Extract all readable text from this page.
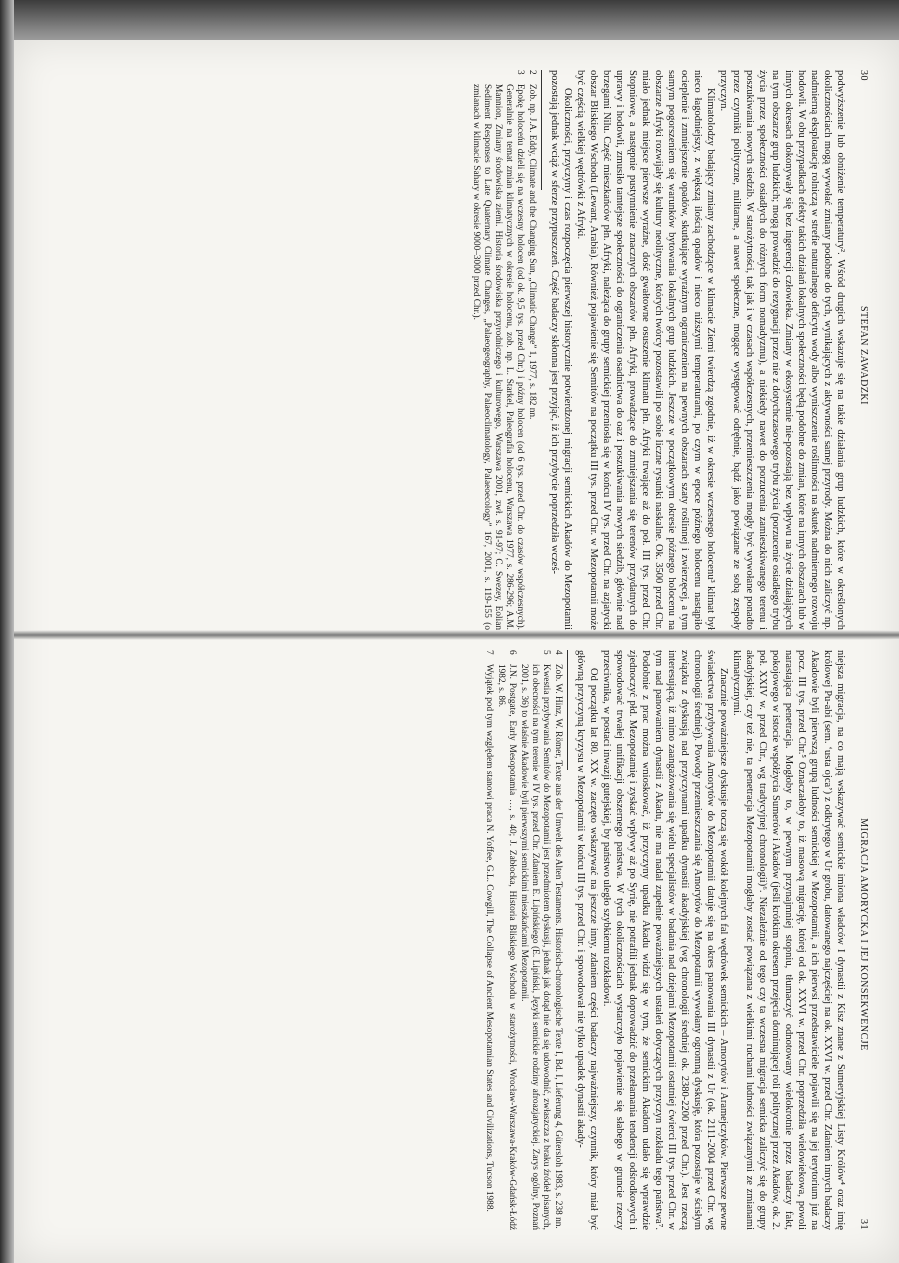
30
STEFAN ZAWADZKI

podwyższenie lub obniżenie temperatury². Wśród drugich wskazuje się na takie działania grup ludzkich, które w określonych okolicznościach mogą wywołać zmiany podobne do tych, wynikających z aktywności samej przyrody. Można do nich zaliczyć np. nadmierną eksploatację rolniczą w strefie naturalnego deficytu wody albo wyniszczenie roślinności na skutek nadmiernego rozwoju hodowli. W obu przypadkach efekty takich działań lokalnych społeczności będą podobne do zmian, które na innych obszarach lub w innych okresach dokonywały się bez ingerencji człowieka. Zmiany w ekosystemie nie-pozostają bez wpływu na życie działających na tym obszarze grup ludzkich; mogą prowadzić do rezygnacji przez nie z dotychczasowego trybu życia (porzucenie osiadłego trybu życia przez społeczności osiadłych do różnych form nomadyzmu), a niekiedy nawet do porzucenia zamieszkiwanego terenu i poszukiwania nowych siedzib. W starożytności, tak jak i w czasach współczesnych, przemieszczenia mogły być wywołane ponadto przez czynniki polityczne, militarne, a nawet społeczne, mogące występować odrębnie, bądź jako powiązane ze sobą zespoły przyczyn.

Klimatolodzy badający zmiany zachodzące w klimacie Ziemi twierdzą zgodnie, iż w okresie wczesnego holocenu³ klimat był nieco łagodniejszy, z większą ilością opadów i nieco niższymi temperaturami, po czym w epoce późnego holocenu nastąpiło ocieplenie i zmniejszenie opadów, skutkujące wyraźnym ograniczeniem na pewnych obszarach szaty roślinnej i zwierzęcej, a tym samym pogorszeniem się warunków bytowania lokalnych grup ludzkich. Jeszcze w początkowym okresie późnego holocenu na obszarze Afryki rozwijały się kultury neolityczne, których twórcy pozostawili po sobie liczne rysunki naskalne. Ok. 3500 przed Chr. miało jednak miejsce pierwsze wyraźne, dość gwałtowne osuszenie klimatu płn. Afryki trwające aż do poł. III tys. przed Chr. Stopniowe, a następnie pustynnienie znacznych obszarów płn. Afryki, prowadzące do zmniejszania się terenów przydatnych do uprawy i hodowli, zmusiło tamtejsze społeczności do ograniczenia osadnictwa do oaz i poszukiwania nowych siedzib, głównie nad brzegami Nilu. Część mieszkańców płn. Afryki, należąca do grupy semickiej przeniosła się w końcu IV tys. przed Chr. na azjatycki obszar Bliskiego Wschodu (Lewant, Arabia). Również pojawienie się Semitów na początku III tys. przed Chr. w Mezopotamii może być częścią wielkiej wędrówki z Afryki.

Okoliczności, przyczyny i czas rozpoczęcia pierwszej historycznie potwierdzonej migracji semickich Akadów do Mezopotamii pozostają jednak wciąż w sferze przypuszczeń. Część badaczy skłonna jest przyjąć, iż ich przybycie poprzedziła wcześ-

2
Zob. np. J.A. Eddy, Climate and the Changing Sun, „Climatic Change” 1, 1977, s. 182 nn.
3
Epokę holoceńu dzieli się na wczesny holocen (od ok. 9,5 tys. przed Chr.) i późny holocen (od 6 tys. przed Chr. do czasów współczesnych). Generalnie na temat zmian klimatycznych w okresie holocenu, zob. np. L. Starkel, Paleografia holocenu, Warszawa 1977, s. 286-296; A.M. Mannion, Zmiany środowiska ziemi. Historia środowiska przyrodniczego i kulturowego, Warszawa 2001, zwł. s. 91-97; C. Swezey, Eolian Sediment Responses to Late Quaternary Climate Changes, „Palaeogeography, Palaeoclimatology, Palaeoecology” 167, 2001, s. 119-155 (o zmianach w klimacie Sahary w okresie 9000–3000 przed Chr.).
MIGRACJA AMORYCKA I JEJ KONSEKWENCJE
31

niejsza migracja, na co mają wskazywać semickie imiona władców I dynastii z Kisz znane z Sumeryjskiej Listy Królów⁴ oraz imię królowej Pu-abi (sem. ‘usta ojca’) z odkrytego w Ur grobu, datowanego najczęściej na ok. XXVI w. przed Chr. Zdaniem innych badaczy Akadowie byli pierwszą grupą ludności semickiej w Mezopotamii, a ich pierwsi przedstawiciele pojawili się na jej terytorium już na pocz. III tys. przed Chr.⁵ Oznaczałoby to, iż masową migrację, której od ok. XXVI w. przed Chr. poprzedziła wielowiekowa, powoli narastająca penetracja. Mogłoby to, w pewnym przynajmniej stopniu, tłumaczyć odnotowany wielokrotnie przez badaczy fakt, pokojowego w istocie współżycia Sumerów i Akadów (jeśli krótkim okresem przejęcia dominującej roli politycznej przez Akadów, ok. 2. poł. XXIV w. przed Chr., wg tradycyjnej chronologii)⁶. Niezależnie od tego czy ta wczesna migracja semicka zaliczyć się do grupy akadyjskiej, czy też nie, ta penetracja Mezopotamii mogłaby zostać powiązana z wielkimi ruchami ludności związanymi ze zmianami klimatycznymi.

Znacznie poważniejsze dyskusje toczą się wokół kolejnych fal wędrówek semickich – Amorytów i Aramejczyków. Pierwsze pewne świadectwa przybywania Amorytów do Mezopotamii datuje się na okres panowania III dynastii z Ur (ok. 2111-2004 przed Chr. wg chronologii średniej). Powody przemieszczania się Amorytów do Mezopotamii wywołany ogromną dyskusję, która pozostaje w ścisłym związku z dyskusją nad przyczynami upadku dynastii akadyjskiej (wg chronologii średniej ok. 2380-2200 przed Chr.). Jest rzeczą interesującą, iż mimo zaangażowania się wielu specjalistów w badania nad dziejami Mezopotamii ostatniej ćwierci III tys. przed Chr. w tym nad panowaniem dynastii z Akadu, nie ma nadal zupełnie poważniejszych ustaleń dotyczących przyczyn rozkładu tego państwa⁷. Podobnie z prac można wnioskować, iż przyczyny upadku Akadu widzi się w tym, że semickim Akadom udało się wprawdzie zjednoczyć płd. Mezopotamię i zyskać wpływy aż po Syrię, nie potrafili jednak doprowadzić do przełamania tendencji odśrodkowych i spowodować trwałej unifikacji obszernego państwa. W tych okolicznościach wystarczyło pojawienie się słabego w gruncie rzeczy przeciwnika, w postaci inwazji gutejskiej, by państwo uległo szybkiemu rozkładowi.

Od początku lat 80. XX w. zaczęto wskazywać na jeszcze inny, zdaniem części badaczy najważniejszy, czynnik, który miał być główną przyczyną kryzysu w Mezopotamii w końcu III tys. przed Chr. i spowodował nie tylko upadek dynastii akady-

4
Zob. W. Hinz, W. Römer, Texte aus der Umwelt des Alten Testaments. Historisch-chronologische Texte I, Bd. I, Lieferung 4, Gütersloh 1983, s. 238 nn.
5
Kwestia przybywania Semitów do Mezopotamii jest przedmiotem dyskusji, jednak jak dotąd nie da się udowodnić, zwłaszcza z braku źródeł pisanych, ich obecności na tym terenie w IV tys. przed Chr. Zdaniem E. Lipińskiego (E. Lipiński, Języki semickie rodziny afroazjatyckiej. Zarys ogólny, Poznań 2001, s. 36) to właśnie Akadowie byli pierwszymi semickimi mieszkańcami Mezopotamii.
6
J.N. Postgate, Early Mesopotamia …, s. 40; J. Zabłocka, Historia Bliskiego Wschodu w starożytności, Wrocław-Warszawa-Kraków-Gdańsk-Łódź 1982, s. 86.
7
Wyjątek pod tym względem stanowi praca N. Yoffee, G.L. Cowgill, The Collapse of Ancient Mesopotamian States and Civilizations, Tucson 1988.
